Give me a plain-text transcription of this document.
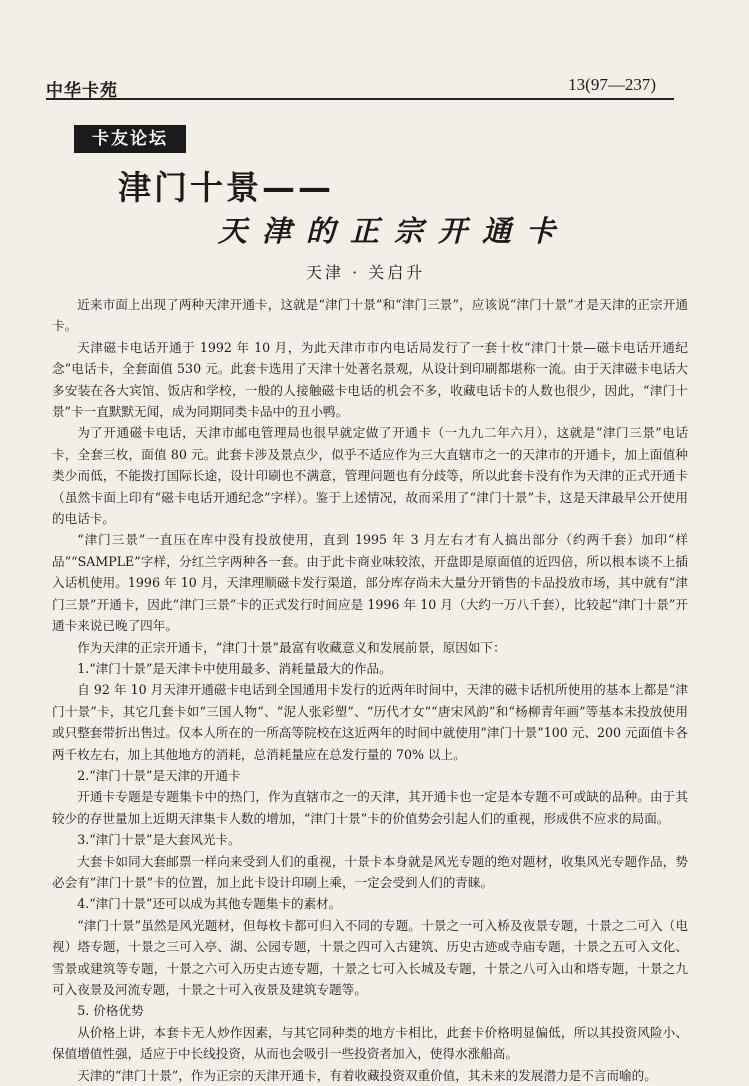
中华卡苑	13(97—237)
卡友论坛
津门十景——
天津的正宗开通卡
天津 · 关启升

近来市面上出现了两种天津开通卡，这就是“津门十景”和“津门三景”，应该说“津门十景”才是天津的正宗开通卡。

天津磁卡电话开通于 1992 年 10 月，为此天津市市内电话局发行了一套十枚“津门十景—磁卡电话开通纪念”电话卡，全套面值 530 元。此套卡选用了天津十处著名景观，从设计到印刷都堪称一流。由于天津磁卡电话大多安装在各大宾馆、饭店和学校，一般的人接触磁卡电话的机会不多，收藏电话卡的人数也很少，因此，“津门十景”卡一直默默无闻，成为同期同类卡品中的丑小鸭。

为了开通磁卡电话，天津市邮电管理局也很早就定做了开通卡（一九九二年六月），这就是“津门三景”电话卡，全套三枚，面值 80 元。此套卡涉及景点少，似乎不适应作为三大直辖市之一的天津市的开通卡，加上面值种类少而低，不能拨打国际长途，设计印刷也不满意，管理问题也有分歧等，所以此套卡没有作为天津的正式开通卡（虽然卡面上印有“磁卡电话开通纪念”字样）。鉴于上述情况，故而采用了“津门十景”卡，这是天津最早公开使用的电话卡。

“津门三景”一直压在库中没有投放使用，直到 1995 年 3 月左右才有人搞出部分（约两千套）加印“样品”“SAMPLE”字样，分红兰字两种各一套。由于此卡商业味较浓，开盘即是原面值的近四倍，所以根本谈不上插入话机使用。1996 年 10 月，天津理顺磁卡发行渠道，部分库存尚未大量分开销售的卡品投放市场，其中就有“津门三景”开通卡，因此“津门三景”卡的正式发行时间应是 1996 年 10 月（大约一万八千套），比较起“津门十景”开通卡来说已晚了四年。

作为天津的正宗开通卡，“津门十景”最富有收藏意义和发展前景，原因如下：

1.“津门十景”是天津卡中使用最多、消耗量最大的作品。

自 92 年 10 月天津开通磁卡电话到全国通用卡发行的近两年时间中，天津的磁卡话机所使用的基本上都是“津门十景”卡，其它几套卡如“三国人物”、“泥人张彩塑”、“历代才女”“唐宋风韵”和“杨柳青年画”等基本未投放使用或只整套带折出售过。仅本人所在的一所高等院校在这近两年的时间中就使用“津门十景”100 元、200 元面值卡各两千枚左右，加上其他地方的消耗，总消耗量应在总发行量的 70% 以上。

2.“津门十景”是天津的开通卡

开通卡专题是专题集卡中的热门，作为直辖市之一的天津，其开通卡也一定是本专题不可或缺的品种。由于其较少的存世量加上近期天津集卡人数的增加，“津门十景”卡的价值势会引起人们的重视，形成供不应求的局面。

3.“津门十景”是大套风光卡。

大套卡如同大套邮票一样向来受到人们的重视，十景卡本身就是风光专题的绝对题材，收集风光专题作品，势必会有“津门十景”卡的位置，加上此卡设计印刷上乘，一定会受到人们的青睐。

4.“津门十景”还可以成为其他专题集卡的素材。

“津门十景”虽然是风光题材，但每枚卡都可归入不同的专题。十景之一可入桥及夜景专题，十景之二可入（电视）塔专题，十景之三可入亭、湖、公园专题，十景之四可入古建筑、历史古迹或寺庙专题，十景之五可入文化、雪景或建筑等专题，十景之六可入历史古迹专题，十景之七可入长城及专题，十景之八可入山和塔专题，十景之九可入夜景及河流专题，十景之十可入夜景及建筑专题等。

5. 价格优势

从价格上讲，本套卡无人炒作因素，与其它同种类的地方卡相比，此套卡价格明显偏低，所以其投资风险小、保值增值性强，适应于中长线投资，从而也会吸引一些投资者加入，使得水涨船高。

天津的“津门十景”，作为正宗的天津开通卡，有着收藏投资双重价值，其未来的发展潜力是不言而喻的。
